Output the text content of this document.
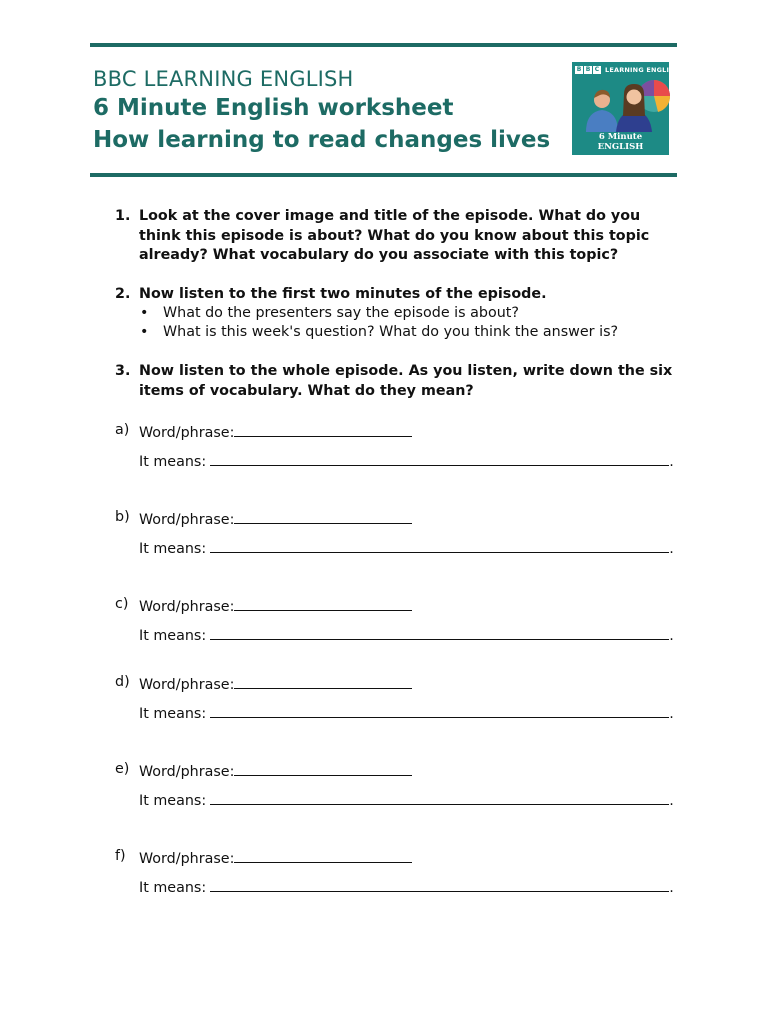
BBC LEARNING ENGLISH
6 Minute English worksheet
How learning to read changes lives
B B C LEARNING ENGLISH
6 Minute
ENGLISH
1. Look at the cover image and title of the episode. What do you think this episode is about? What do you know about this topic already? What vocabulary do you associate with this topic?
2. Now listen to the first two minutes of the episode.
• What do the presenters say the episode is about?
• What is this week's question? What do you think the answer is?
3. Now listen to the whole episode. As you listen, write down the six items of vocabulary. What do they mean?
a) Word/phrase:
It means:	.
b) Word/phrase:
It means:	.
c) Word/phrase:
It means:	.
d) Word/phrase:
It means:	.
e) Word/phrase:
It means:	.
f) Word/phrase:
It means:	.
